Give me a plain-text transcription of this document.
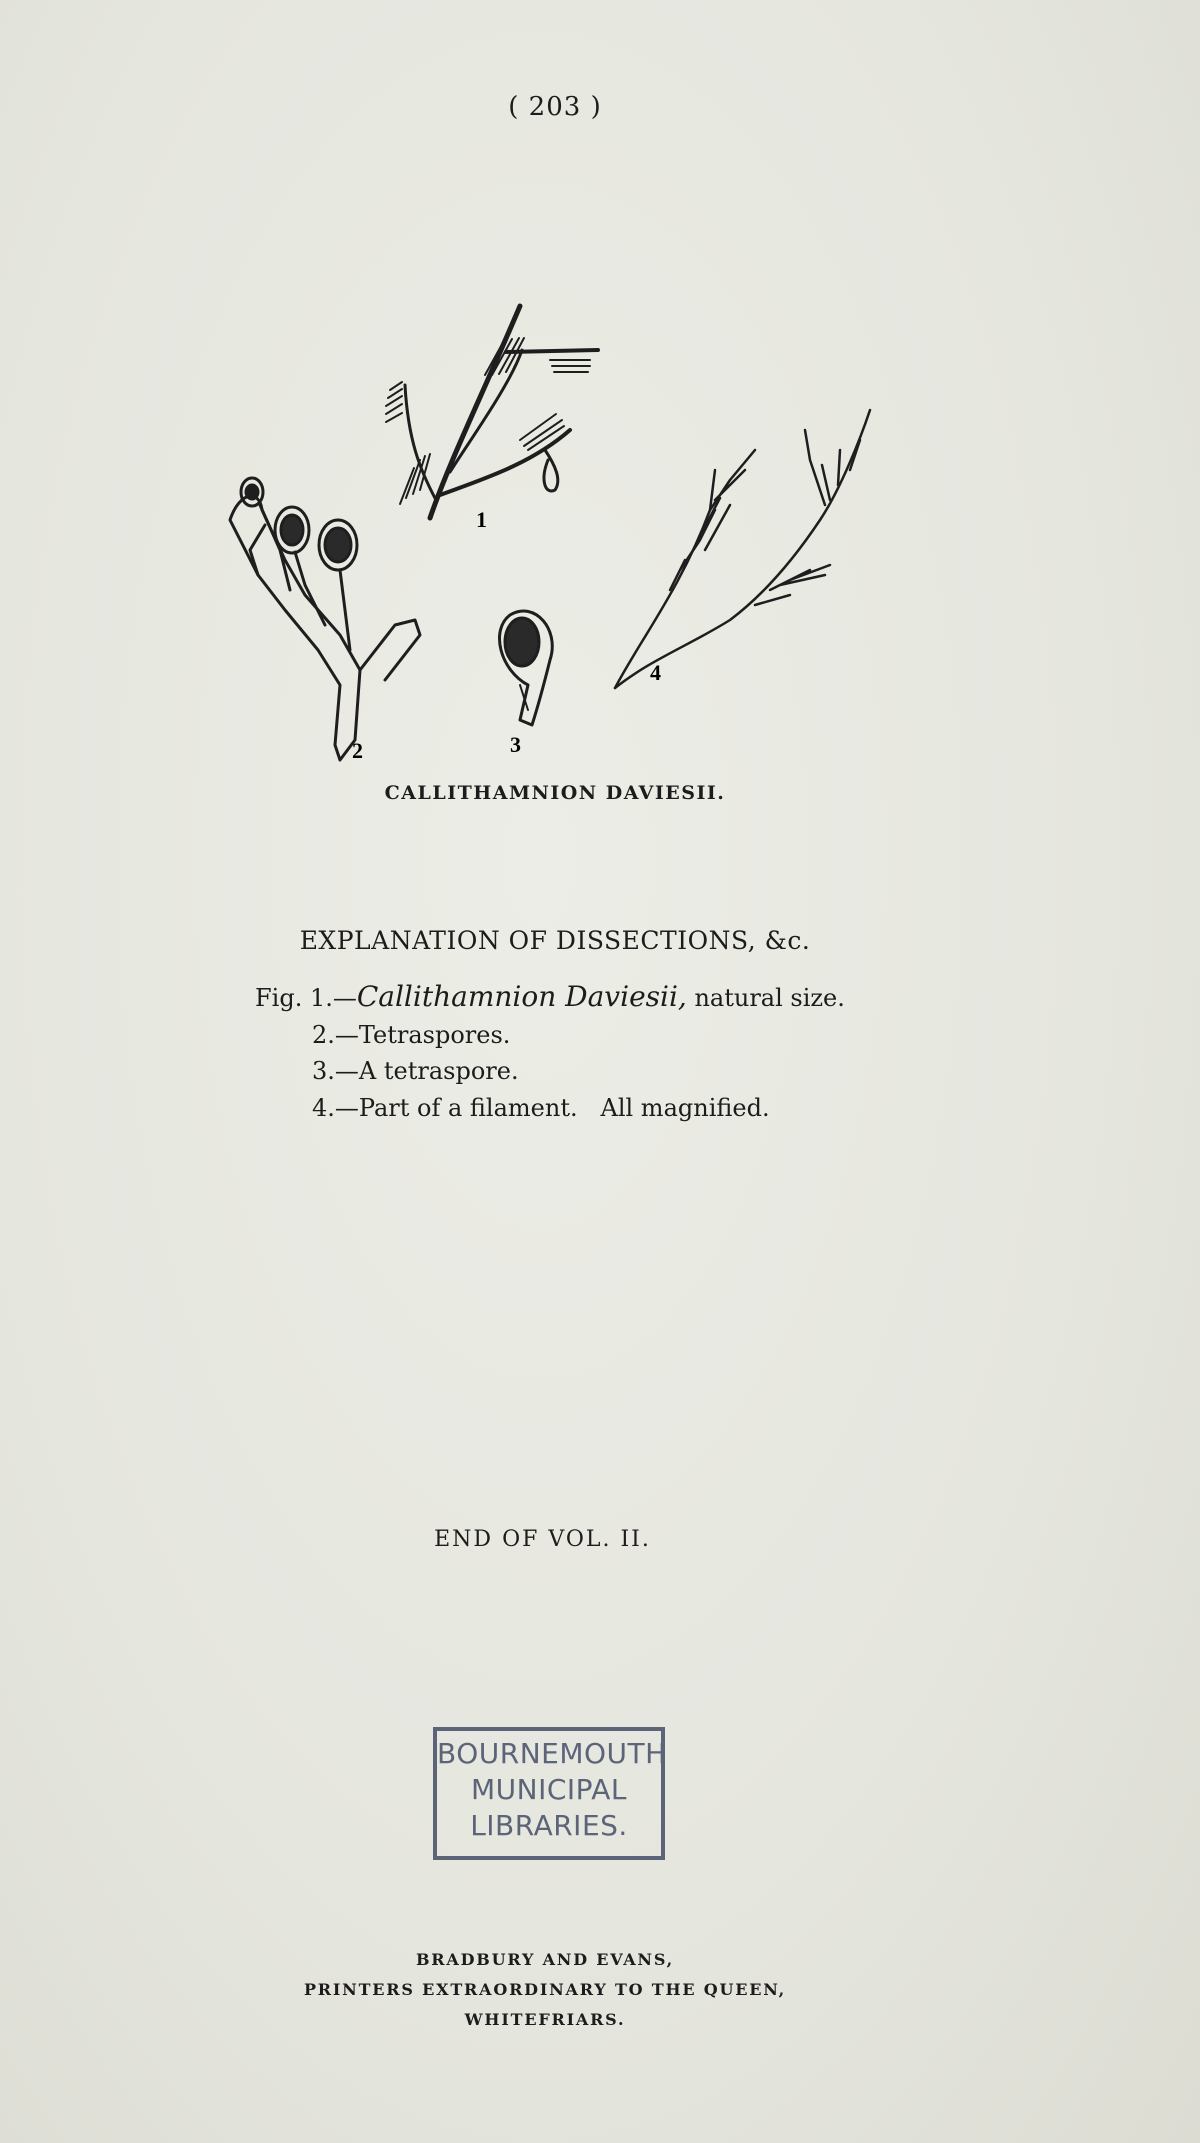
( 203 )
1
2	3
4
CALLITHAMNION DAVIESII.
EXPLANATION OF DISSECTIONS, &c.
Fig. 1.—Callithamnion Daviesii, natural size.
2.—Tetraspores.
3.—A tetraspore.
4.—Part of a filament.   All magnified.
END OF VOL. II.
BOURNEMOUTH
MUNICIPAL
LIBRARIES.
BRADBURY AND EVANS,
PRINTERS EXTRAORDINARY TO THE QUEEN,
WHITEFRIARS.
